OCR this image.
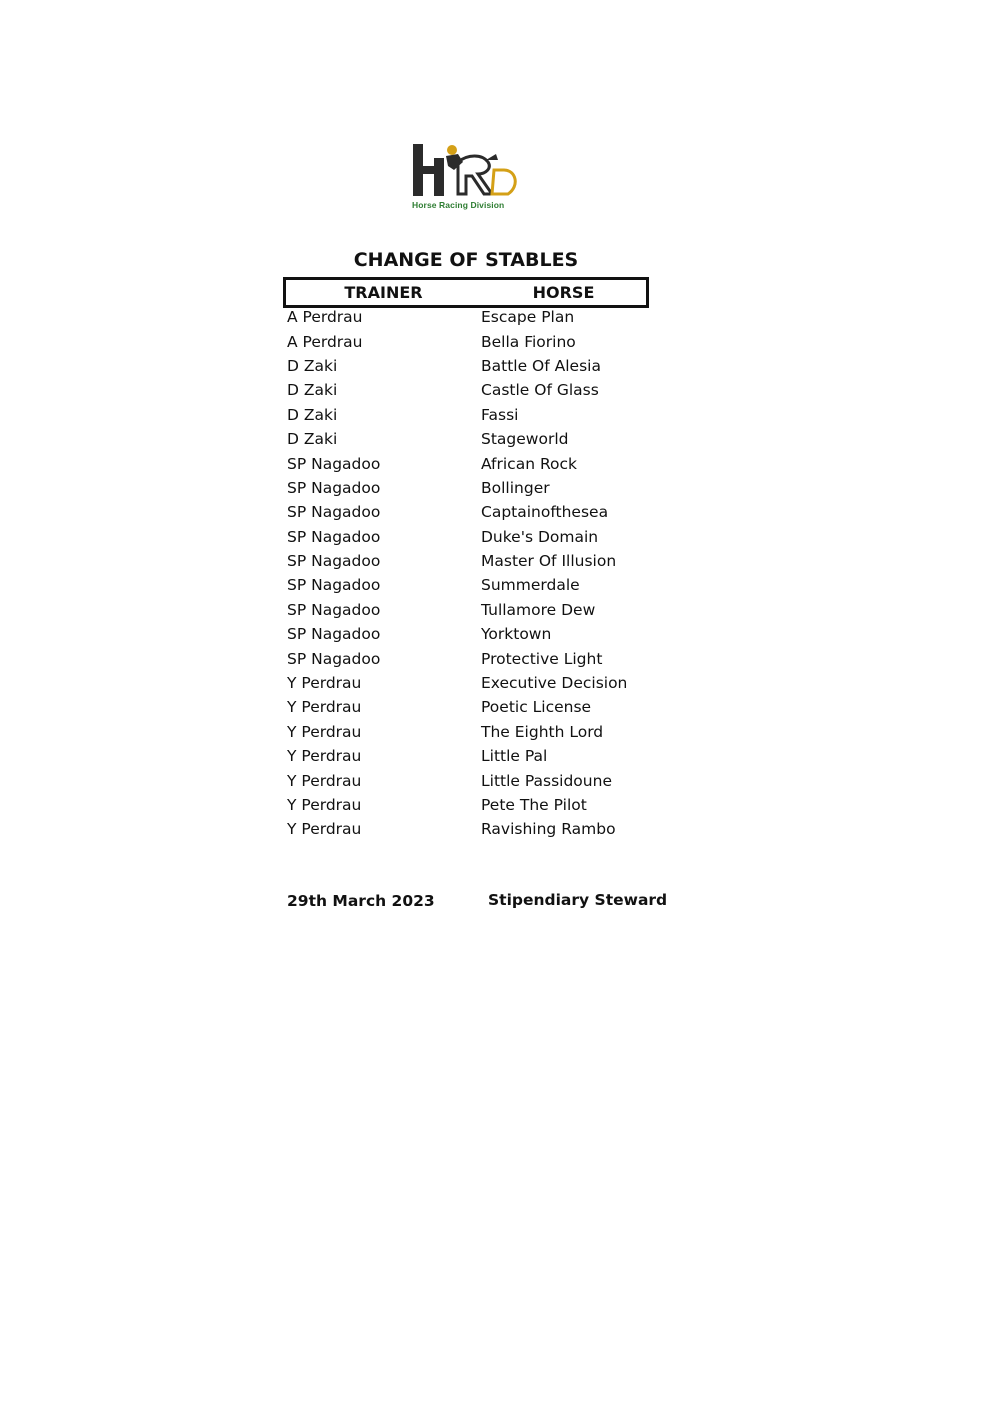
Horse Racing Division
CHANGE OF STABLES
TRAINER	HORSE
A Perdrau	Escape Plan
A Perdrau	Bella Fiorino
D Zaki	Battle Of Alesia
D Zaki	Castle Of Glass
D Zaki	Fassi
D Zaki	Stageworld
SP Nagadoo	African Rock
SP Nagadoo	Bollinger
SP Nagadoo	Captainofthesea
SP Nagadoo	Duke's Domain
SP Nagadoo	Master Of Illusion
SP Nagadoo	Summerdale
SP Nagadoo	Tullamore Dew
SP Nagadoo	Yorktown
SP Nagadoo	Protective Light
Y Perdrau	Executive Decision
Y Perdrau	Poetic License
Y Perdrau	The Eighth Lord
Y Perdrau	Little Pal
Y Perdrau	Little Passidoune
Y Perdrau	Pete The Pilot
Y Perdrau	Ravishing Rambo
29th March 2023	Stipendiary Steward
